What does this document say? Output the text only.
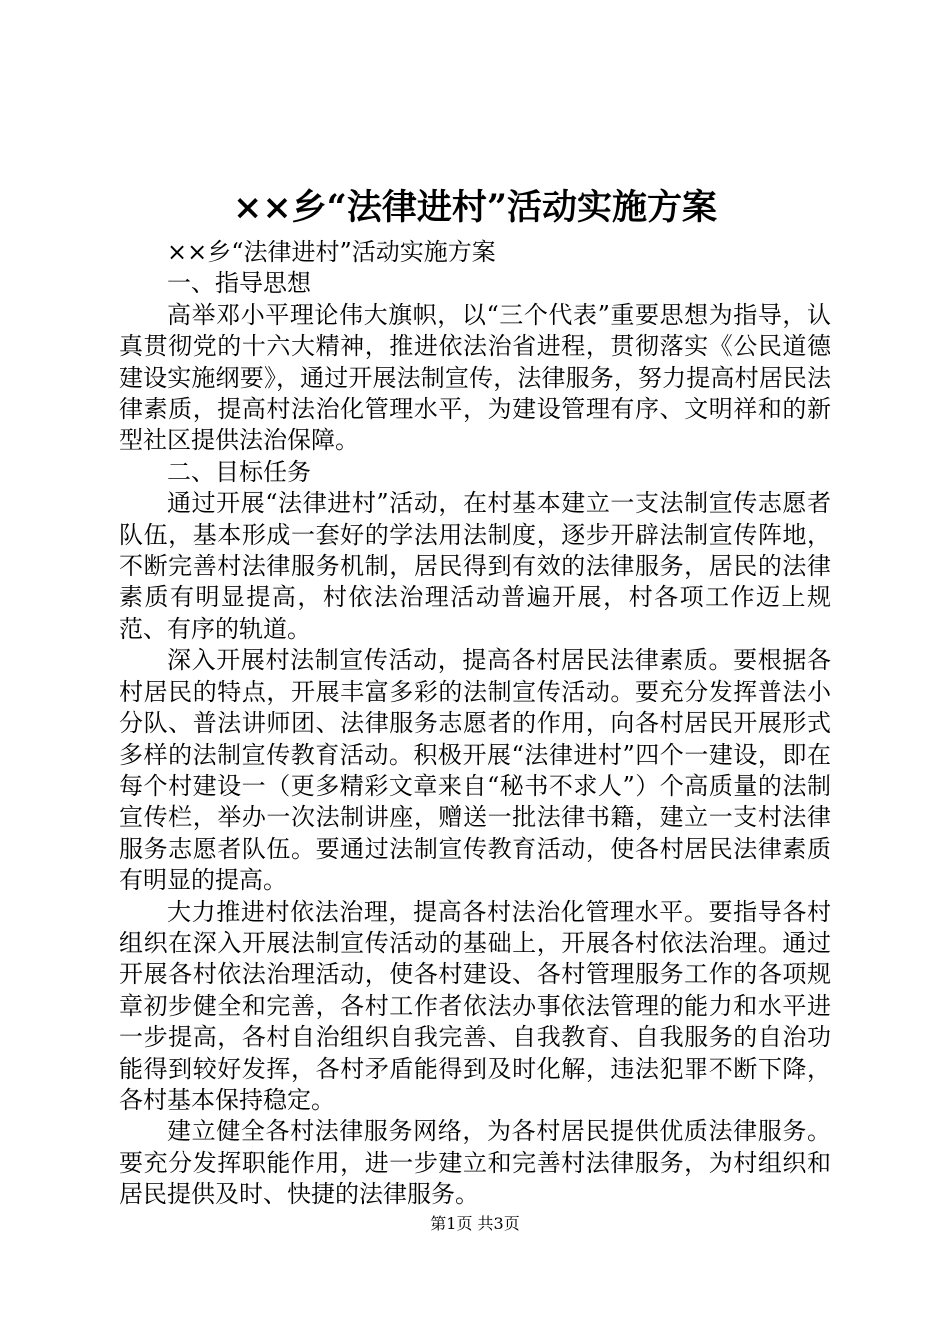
××乡“法律进村”活动实施方案

××乡“法律进村”活动实施方案

一、指导思想

高举邓小平理论伟大旗帜，以“三个代表”重要思想为指导，认真贯彻党的十六大精神，推进依法治省进程，贯彻落实《公民道德建设实施纲要》，通过开展法制宣传，法律服务，努力提高村居民法律素质，提高村法治化管理水平，为建设管理有序、文明祥和的新型社区提供法治保障。

二、目标任务

通过开展“法律进村”活动，在村基本建立一支法制宣传志愿者队伍，基本形成一套好的学法用法制度，逐步开辟法制宣传阵地，不断完善村法律服务机制，居民得到有效的法律服务，居民的法律素质有明显提高，村依法治理活动普遍开展，村各项工作迈上规范、有序的轨道。

深入开展村法制宣传活动，提高各村居民法律素质。要根据各村居民的特点，开展丰富多彩的法制宣传活动。要充分发挥普法小分队、普法讲师团、法律服务志愿者的作用，向各村居民开展形式多样的法制宣传教育活动。积极开展“法律进村”四个一建设，即在每个村建设一（更多精彩文章来自“秘书不求人”）个高质量的法制宣传栏，举办一次法制讲座，赠送一批法律书籍，建立一支村法律服务志愿者队伍。要通过法制宣传教育活动，使各村居民法律素质有明显的提高。

大力推进村依法治理，提高各村法治化管理水平。要指导各村组织在深入开展法制宣传活动的基础上，开展各村依法治理。通过开展各村依法治理活动，使各村建设、各村管理服务工作的各项规章初步健全和完善，各村工作者依法办事依法管理的能力和水平进一步提高，各村自治组织自我完善、自我教育、自我服务的自治功能得到较好发挥，各村矛盾能得到及时化解，违法犯罪不断下降，各村基本保持稳定。

建立健全各村法律服务网络，为各村居民提供优质法律服务。要充分发挥职能作用，进一步建立和完善村法律服务，为村组织和居民提供及时、快捷的法律服务。

第1页 共3页
